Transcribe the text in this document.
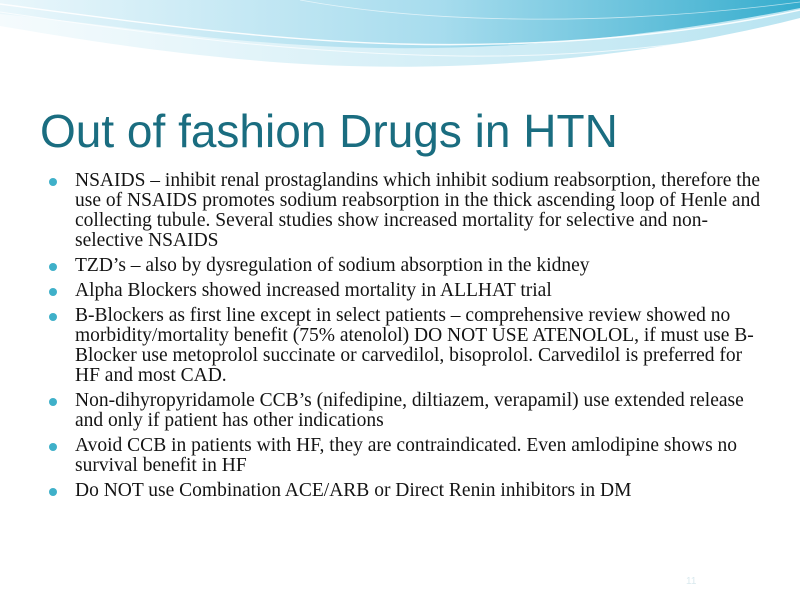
Out of fashion Drugs in HTN
NSAIDS – inhibit renal prostaglandins which inhibit sodium reabsorption, therefore the use of NSAIDS promotes sodium reabsorption in the thick ascending loop of Henle and collecting tubule. Several studies show increased mortality for selective and non-selective NSAIDS
TZD’s – also by dysregulation of sodium absorption in the kidney
Alpha Blockers showed increased mortality in ALLHAT trial
B-Blockers as first line except in select patients – comprehensive review showed no morbidity/mortality benefit (75% atenolol) DO NOT USE ATENOLOL, if must use B-Blocker use metoprolol succinate or carvedilol, bisoprolol. Carvedilol is preferred for HF and most CAD.
Non-dihyropyridamole CCB’s (nifedipine, diltiazem, verapamil) use extended release and only if patient has other indications
Avoid CCB in patients with HF, they are contraindicated. Even amlodipine shows no survival benefit in HF
Do NOT use Combination ACE/ARB or Direct Renin inhibitors in DM
11
